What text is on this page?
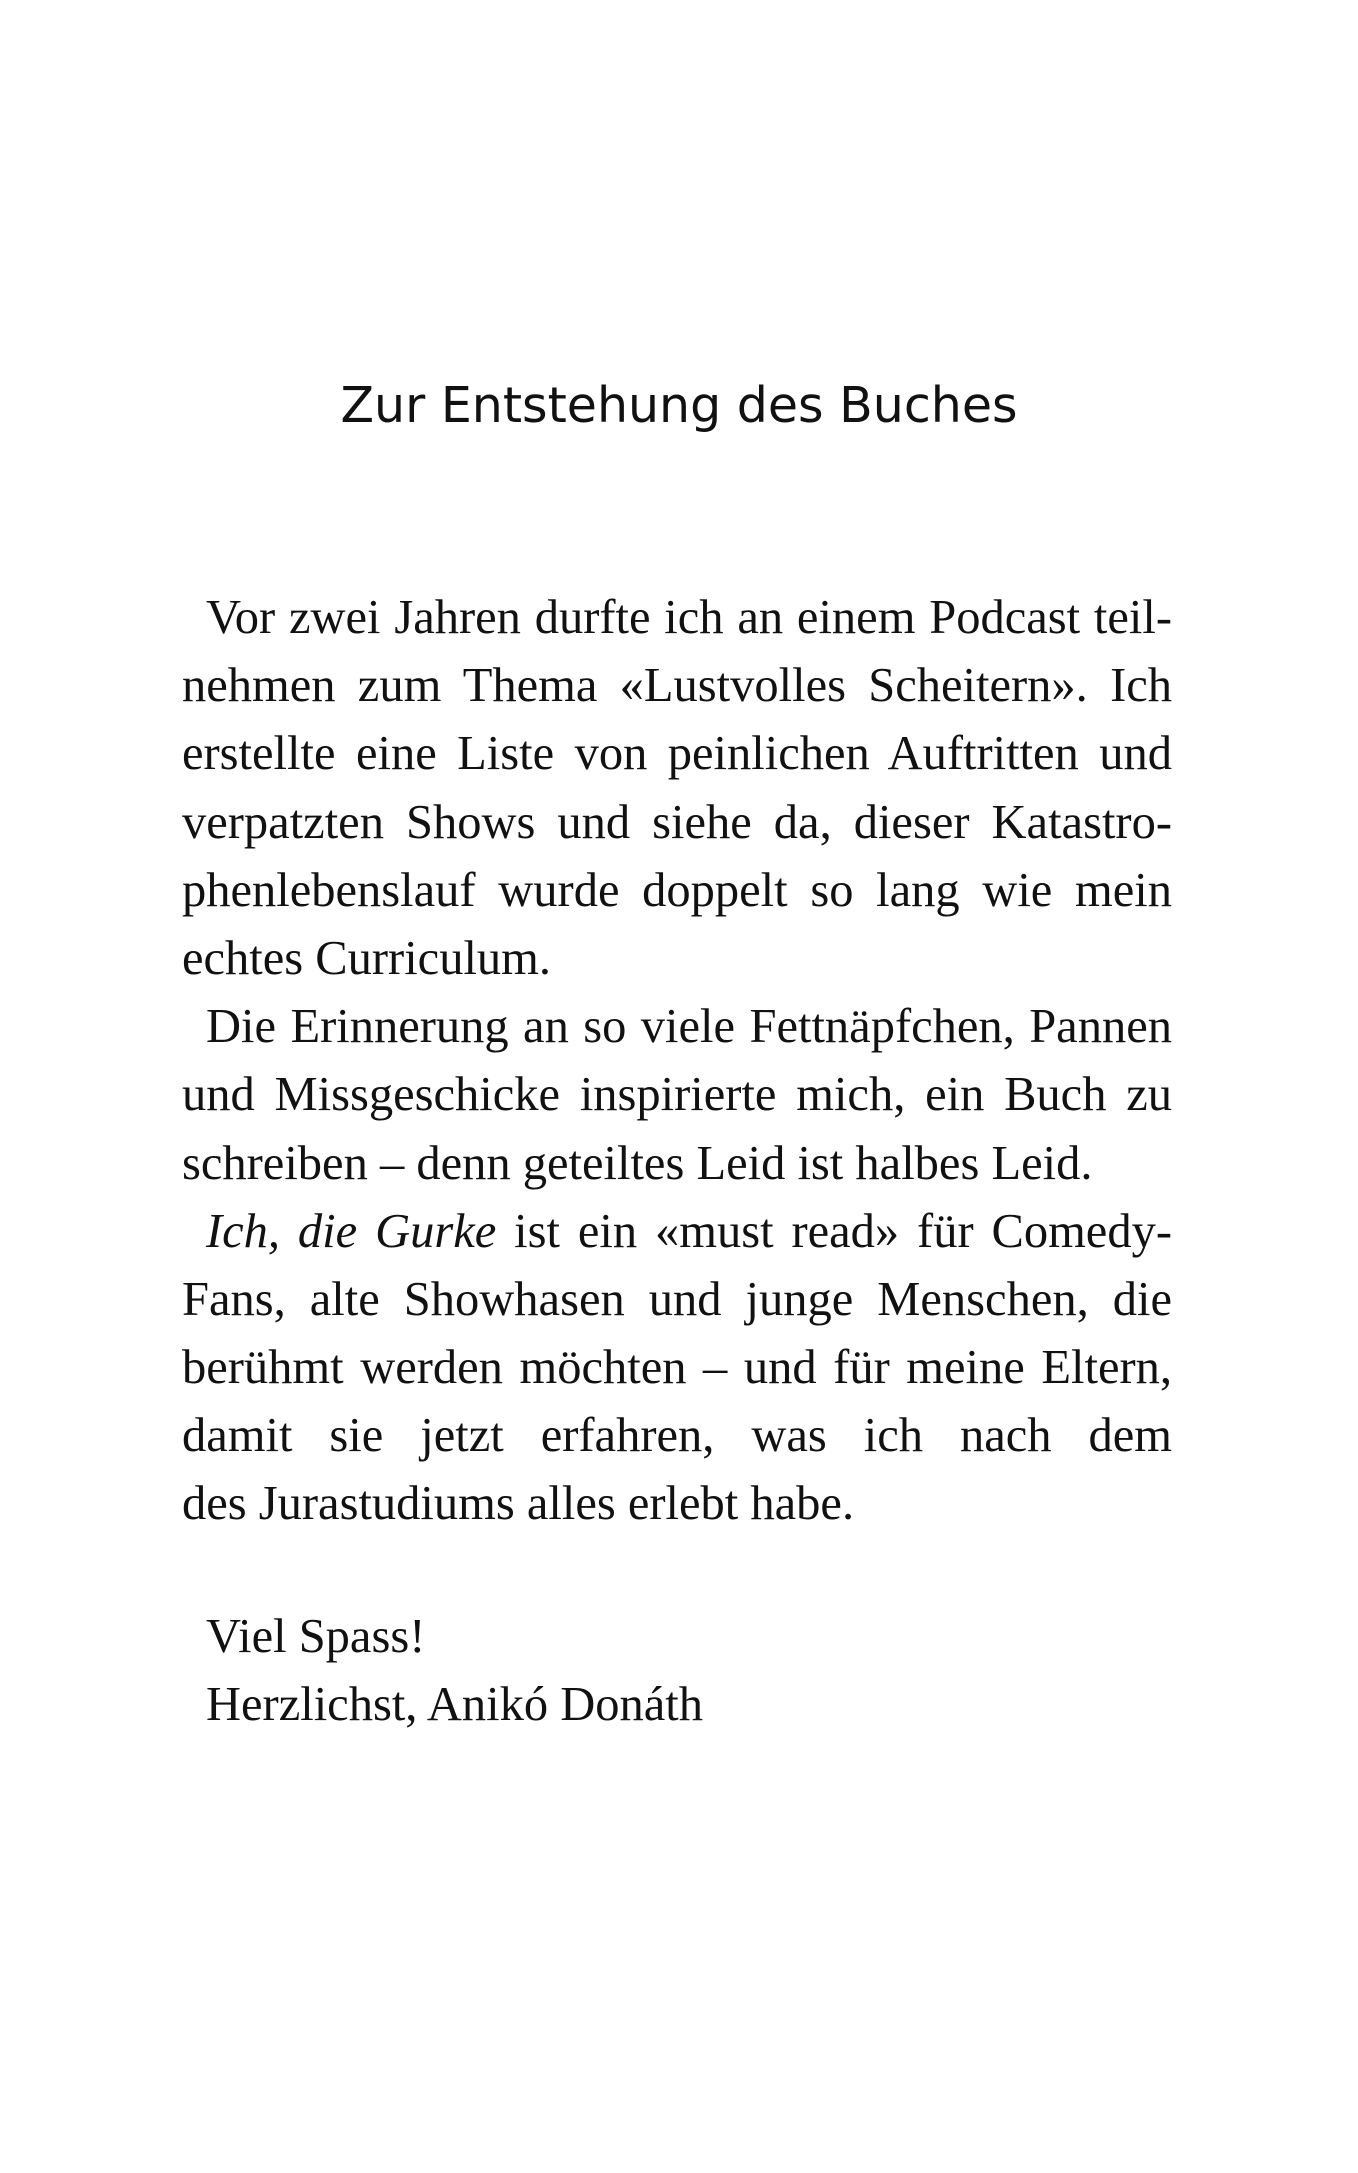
Zur Entstehung des Buches
Vor zwei Jahren durfte ich an einem Podcast teil-
nehmen zum Thema «Lustvolles Scheitern». Ich
erstellte eine Liste von peinlichen Auftritten und
verpatzten Shows und siehe da, dieser Katastro-
phenlebenslauf wurde doppelt so lang wie mein
echtes Curriculum.
Die Erinnerung an so viele Fettnäpfchen, Pannen
und Missgeschicke inspirierte mich, ein Buch zu
schreiben – denn geteiltes Leid ist halbes Leid.
Ich, die Gurke ist ein «must read» für Comedy-
Fans, alte Showhasen und junge Menschen, die
berühmt werden möchten – und für meine Eltern,
damit sie jetzt erfahren, was ich nach dem
des Jurastudiums alles erlebt habe.
Viel Spass!
Herzlichst, Anikó Donáth
